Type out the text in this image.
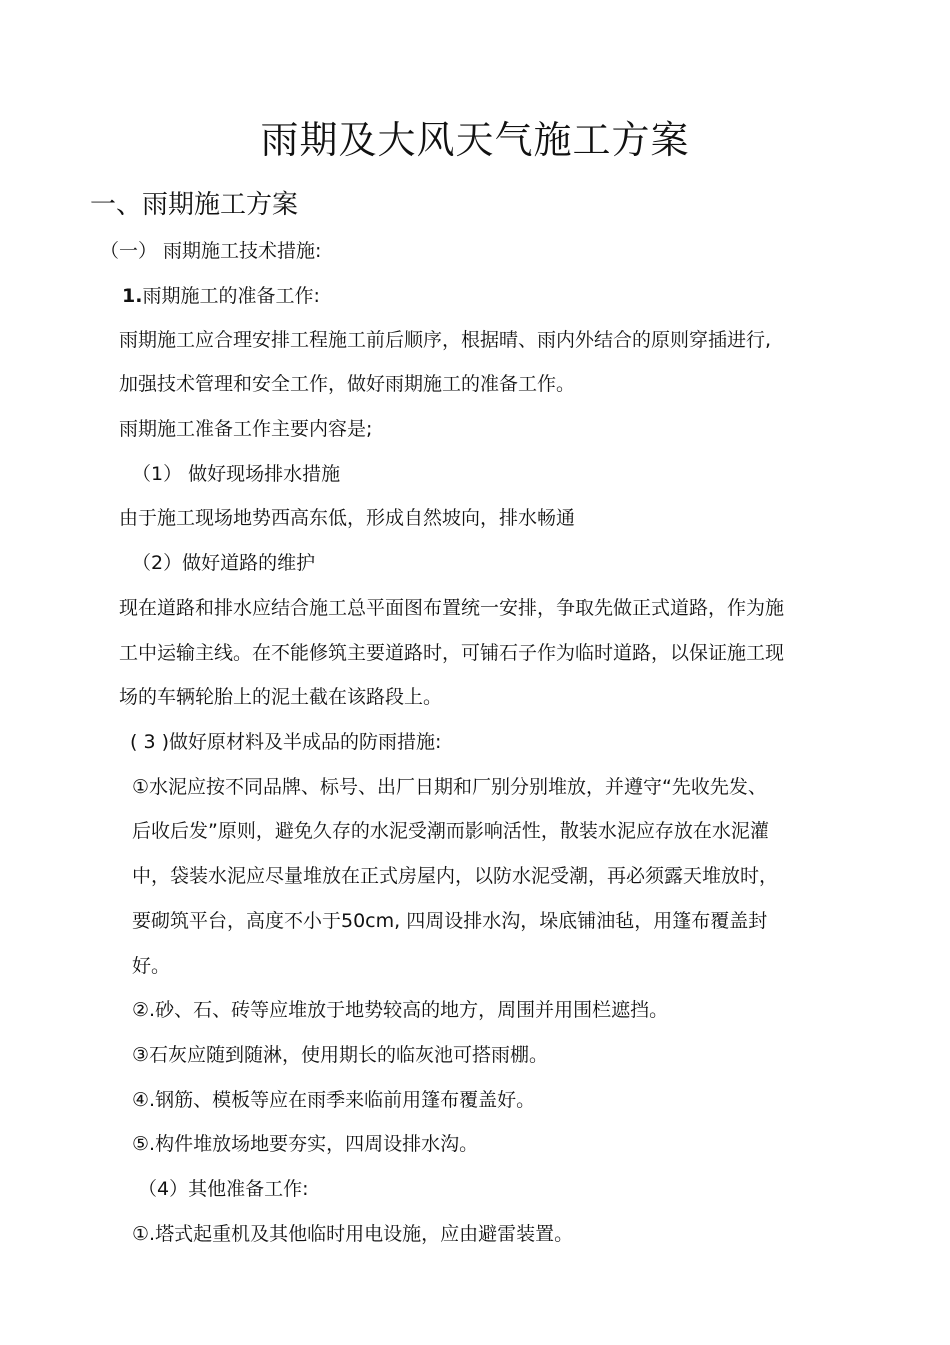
雨期及大风天气施工方案
一、雨期施工方案
（一） 雨期施工技术措施:
1.雨期施工的准备工作:
雨期施工应合理安排工程施工前后顺序，根据晴、雨内外结合的原则穿插进行,
加强技术管理和安全工作，做好雨期施工的准备工作。
雨期施工准备工作主要内容是;
（1） 做好现场排水措施
由于施工现场地势西高东低，形成自然坡向，排水畅通
（2）做好道路的维护
现在道路和排水应结合施工总平面图布置统一安排，争取先做正式道路，作为施
工中运输主线。在不能修筑主要道路时，可铺石子作为临时道路，以保证施工现
场的车辆轮胎上的泥土截在该路段上。
( 3 )做好原材料及半成品的防雨措施:
①水泥应按不同品牌、标号、出厂日期和厂别分别堆放，并遵守“先收先发、
后收后发”原则，避免久存的水泥受潮而影响活性，散装水泥应存放在水泥灌
中，袋装水泥应尽量堆放在正式房屋内，以防水泥受潮，再必须露天堆放时，
要砌筑平台，高度不小于50cm, 四周设排水沟，垛底铺油毡，用篷布覆盖封
好。
②.砂、石、砖等应堆放于地势较高的地方，周围并用围栏遮挡。
③石灰应随到随淋，使用期长的临灰池可搭雨棚。
④.钢筋、模板等应在雨季来临前用篷布覆盖好。
⑤.构件堆放场地要夯实，四周设排水沟。
（4）其他准备工作:
①.塔式起重机及其他临时用电设施，应由避雷装置。
